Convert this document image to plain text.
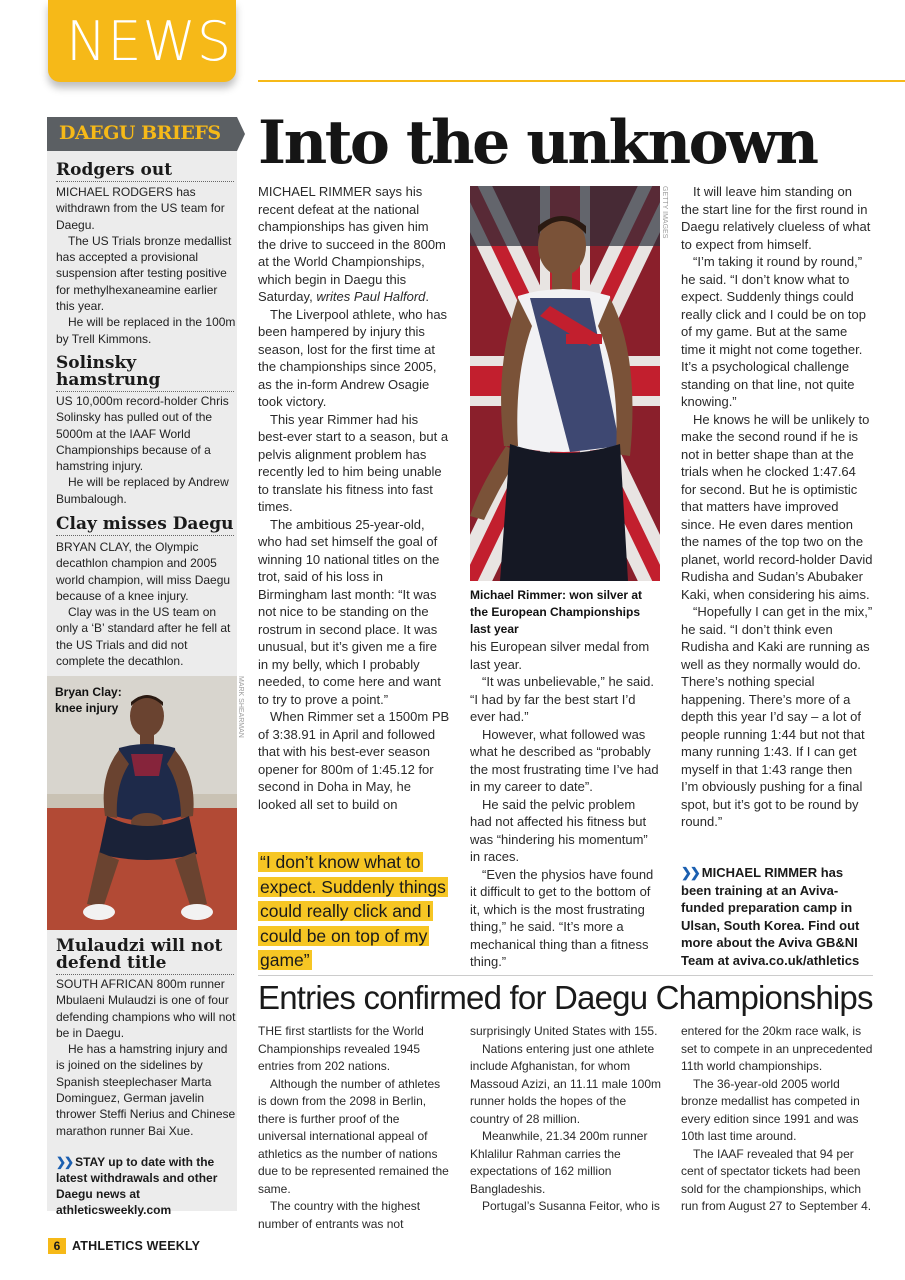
NEWS
DAEGU BRIEFS
Rodgers out

MICHAEL RODGERS has withdrawn from the US team for Daegu.

The US Trials bronze medallist has accepted a provisional suspension after testing positive for methylhexaneamine earlier this year.

He will be replaced in the 100m by Trell Kimmons.

Solinsky hamstrung

US 10,000m record-holder Chris Solinsky has pulled out of the 5000m at the IAAF World Championships because of a hamstring injury.

He will be replaced by Andrew Bumbalough.

Clay misses Daegu

BRYAN CLAY, the Olympic decathlon champion and 2005 world champion, will miss Daegu because of a knee injury.

Clay was in the US team on only a ‘B’ standard after he fell at the US Trials and did not complete the decathlon.

Bryan Clay:
knee injury	MARK SHEARMAN
Mulaudzi will not defend title

SOUTH AFRICAN 800m runner Mbulaeni Mulaudzi is one of four defending champions who will not be in Daegu.

He has a hamstring injury and is joined on the sidelines by Spanish steeplechaser Marta Dominguez, German javelin thrower Steffi Nerius and Chinese marathon runner Bai Xue.

❯❯ STAY up to date with the latest withdrawals and other Daegu news at athleticsweekly.com
Into the unknown

MICHAEL RIMMER says his recent defeat at the national championships has given him the drive to succeed in the 800m at the World Championships, which begin in Daegu this Saturday, writes Paul Halford.

The Liverpool athlete, who has been hampered by injury this season, lost for the first time at the championships since 2005, as the in-form Andrew Osagie took victory.

This year Rimmer had his best-ever start to a season, but a pelvis alignment problem has recently led to him being unable to translate his fitness into fast times.

The ambitious 25-year-old, who had set himself the goal of winning 10 national titles on the trot, said of his loss in Birmingham last month: “It was not nice to be standing on the rostrum in second place. It was unusual, but it’s given me a fire in my belly, which I probably needed, to come here and want to try to prove a point.”

When Rimmer set a 1500m PB of 3:38.91 in April and followed that with his best-ever season opener for 800m of 1:45.12 for second in Doha in May, he looked all set to build on

“I don’t know what to expect. Suddenly things could really click and I could be on top of my game”
GETTY IMAGES
Michael Rimmer: won silver at the European Championships last year

his European silver medal from last year.

“It was unbelievable,” he said. “I had by far the best start I’d ever had.”

However, what followed was what he described as “probably the most frustrating time I’ve had in my career to date”.

He said the pelvic problem had not affected his fitness but was “hindering his momentum” in races.

“Even the physios have found it difficult to get to the bottom of it, which is the most frustrating thing,” he said. “It’s more a mechanical thing than a fitness thing.”

It will leave him standing on the start line for the first round in Daegu relatively clueless of what to expect from himself.

“I’m taking it round by round,” he said. “I don’t know what to expect. Suddenly things could really click and I could be on top of my game. But at the same time it might not come together. It’s a psychological challenge standing on that line, not quite knowing.”

He knows he will be unlikely to make the second round if he is not in better shape than at the trials when he clocked 1:47.64 for second. But he is optimistic that matters have improved since. He even dares mention the names of the top two on the planet, world record-holder David Rudisha and Sudan’s Abubaker Kaki, when considering his aims.

“Hopefully I can get in the mix,” he said. “I don’t think even Rudisha and Kaki are running as well as they normally would do. There’s nothing special happening. There’s more of a depth this year I’d say – a lot of people running 1:44 but not that many running 1:43. If I can get myself in that 1:43 range then I’m obviously pushing for a final spot, but it’s got to be round by round.”

❯❯ MICHAEL RIMMER has been training at an Aviva-funded preparation camp in Ulsan, South Korea. Find out more about the Aviva GB&NI Team at aviva.co.uk/athletics
Entries confirmed for Daegu Championships

THE first startlists for the World Championships revealed 1945 entries from 202 nations.

Although the number of athletes is down from the 2098 in Berlin, there is further proof of the universal international appeal of athletics as the number of nations due to be represented remained the same.

The country with the highest number of entrants was not

surprisingly United States with 155.

Nations entering just one athlete include Afghanistan, for whom Massoud Azizi, an 11.11 male 100m runner holds the hopes of the country of 28 million.

Meanwhile, 21.34 200m runner Khlalilur Rahman carries the expectations of 162 million Bangladeshis.

Portugal’s Susanna Feitor, who is

entered for the 20km race walk, is set to compete in an unprecedented 11th world championships.

The 36-year-old 2005 world bronze medallist has competed in every edition since 1991 and was 10th last time around.

The IAAF revealed that 94 per cent of spectator tickets had been sold for the championships, which run from August 27 to September 4.

6 ATHLETICS WEEKLY
